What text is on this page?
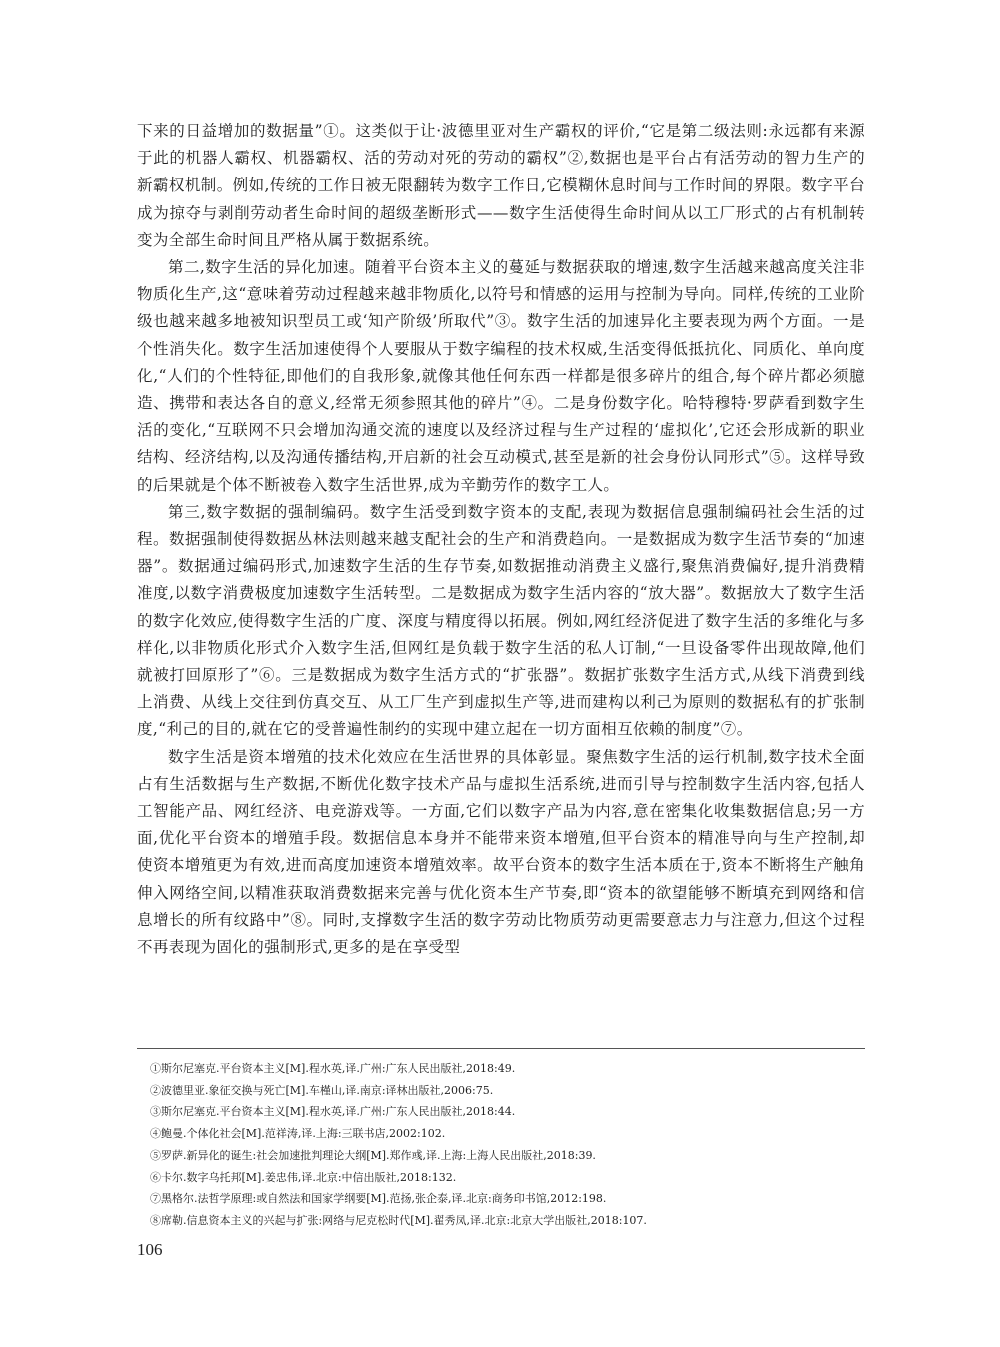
下来的日益增加的数据量”①。这类似于让·波德里亚对生产霸权的评价,“它是第二级法则:永远都有来源于此的机器人霸权、机器霸权、活的劳动对死的劳动的霸权”②,数据也是平台占有活劳动的智力生产的新霸权机制。例如,传统的工作日被无限翻转为数字工作日,它模糊休息时间与工作时间的界限。数字平台成为掠夺与剥削劳动者生命时间的超级垄断形式——数字生活使得生命时间从以工厂形式的占有机制转变为全部生命时间且严格从属于数据系统。

第二,数字生活的异化加速。随着平台资本主义的蔓延与数据获取的增速,数字生活越来越高度关注非物质化生产,这“意味着劳动过程越来越非物质化,以符号和情感的运用与控制为导向。同样,传统的工业阶级也越来越多地被知识型员工或‘知产阶级’所取代”③。数字生活的加速异化主要表现为两个方面。一是个性消失化。数字生活加速使得个人要服从于数字编程的技术权威,生活变得低抵抗化、同质化、单向度化,“人们的个性特征,即他们的自我形象,就像其他任何东西一样都是很多碎片的组合,每个碎片都必须臆造、携带和表达各自的意义,经常无须参照其他的碎片”④。二是身份数字化。哈特穆特·罗萨看到数字生活的变化,“互联网不只会增加沟通交流的速度以及经济过程与生产过程的‘虚拟化’,它还会形成新的职业结构、经济结构,以及沟通传播结构,开启新的社会互动模式,甚至是新的社会身份认同形式”⑤。这样导致的后果就是个体不断被卷入数字生活世界,成为辛勤劳作的数字工人。

第三,数字数据的强制编码。数字生活受到数字资本的支配,表现为数据信息强制编码社会生活的过程。数据强制使得数据丛林法则越来越支配社会的生产和消费趋向。一是数据成为数字生活节奏的“加速器”。数据通过编码形式,加速数字生活的生存节奏,如数据推动消费主义盛行,聚焦消费偏好,提升消费精准度,以数字消费极度加速数字生活转型。二是数据成为数字生活内容的“放大器”。数据放大了数字生活的数字化效应,使得数字生活的广度、深度与精度得以拓展。例如,网红经济促进了数字生活的多维化与多样化,以非物质化形式介入数字生活,但网红是负载于数字生活的私人订制,“一旦设备零件出现故障,他们就被打回原形了”⑥。三是数据成为数字生活方式的“扩张器”。数据扩张数字生活方式,从线下消费到线上消费、从线上交往到仿真交互、从工厂生产到虚拟生产等,进而建构以利己为原则的数据私有的扩张制度,“利己的目的,就在它的受普遍性制约的实现中建立起在一切方面相互依赖的制度”⑦。

数字生活是资本增殖的技术化效应在生活世界的具体彰显。聚焦数字生活的运行机制,数字技术全面占有生活数据与生产数据,不断优化数字技术产品与虚拟生活系统,进而引导与控制数字生活内容,包括人工智能产品、网红经济、电竞游戏等。一方面,它们以数字产品为内容,意在密集化收集数据信息;另一方面,优化平台资本的增殖手段。数据信息本身并不能带来资本增殖,但平台资本的精准导向与生产控制,却使资本增殖更为有效,进而高度加速资本增殖效率。故平台资本的数字生活本质在于,资本不断将生产触角伸入网络空间,以精准获取消费数据来完善与优化资本生产节奏,即“资本的欲望能够不断填充到网络和信息增长的所有纹路中”⑧。同时,支撑数字生活的数字劳动比物质劳动更需要意志力与注意力,但这个过程不再表现为固化的强制形式,更多的是在享受型

①斯尔尼塞克.平台资本主义[M].程水英,译.广州:广东人民出版社,2018:49.

②波德里亚.象征交换与死亡[M].车槿山,译.南京:译林出版社,2006:75.

③斯尔尼塞克.平台资本主义[M].程水英,译.广州:广东人民出版社,2018:44.

④鲍曼.个体化社会[M].范祥涛,译.上海:三联书店,2002:102.

⑤罗萨.新异化的诞生:社会加速批判理论大纲[M].郑作彧,译.上海:上海人民出版社,2018:39.

⑥卡尔.数字乌托邦[M].姜忠伟,译.北京:中信出版社,2018:132.

⑦黑格尔.法哲学原理:或自然法和国家学纲要[M].范扬,张企泰,译.北京:商务印书馆,2012:198.

⑧席勒.信息资本主义的兴起与扩张:网络与尼克松时代[M].翟秀凤,译.北京:北京大学出版社,2018:107.

106
